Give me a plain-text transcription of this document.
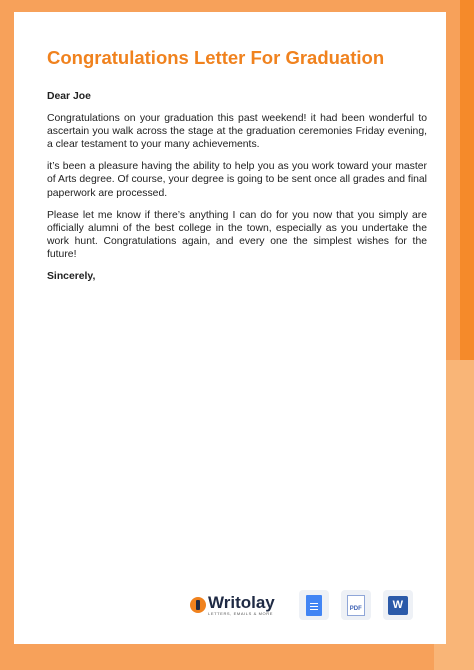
Congratulations Letter For Graduation

Dear Joe

Congratulations on your graduation this past weekend! it had been wonderful to ascertain you walk across the stage at the graduation ceremonies Friday evening, a clear testament to your many achievements.

it’s been a pleasure having the ability to help you as you work toward your master of Arts degree. Of course, your degree is going to be sent once all grades and final paperwork are processed.

Please let me know if there’s anything I can do for you now that you simply are officially alumni of the best college in the town, especially as you undertake the work hunt. Congratulations again, and every one the simplest wishes for the future!

Sincerely,

Writolay
LETTERS, EMAILS & MORE
PDF	W
